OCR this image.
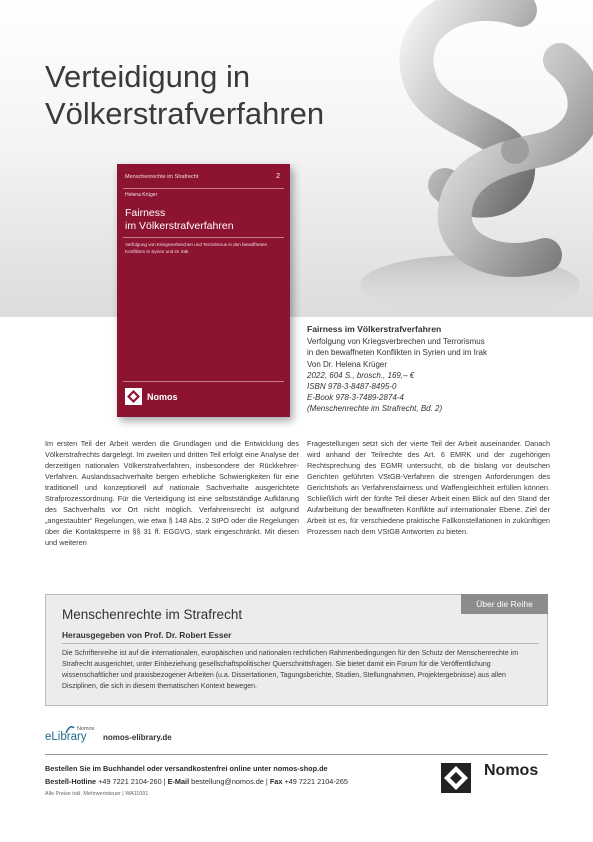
Verteidigung in
Völkerstrafverfahren
Menschenrechte im Strafrecht	2
Helena Krüger
Fairness
im Völkerstrafverfahren
Verfolgung von Kriegsverbrechen und Terrorismus in den bewaffneten Konflikten in Syrien und im Irak
Nomos
Fairness im Völkerstrafverfahren
Verfolgung von Kriegsverbrechen und Terrorismus
in den bewaffneten Konflikten in Syrien und im Irak
Von Dr. Helena Krüger
2022, 604 S., brosch., 169,– €
ISBN 978-3-8487-8495-0
E-Book 978-3-7489-2874-4
(Menschenrechte im Strafrecht, Bd. 2)

Im ersten Teil der Arbeit werden die Grundlagen und die Entwicklung des Völkerstrafrechts dargelegt. Im zweiten und dritten Teil erfolgt eine Analyse der derzeitigen nationalen Völkerstrafverfahren, insbesondere der Rückkehrer-Verfahren. Auslandssachverhalte bergen erhebliche Schwierigkeiten für eine traditionell und konzeptionell auf nationale Sachverhalte ausgerichtete Strafprozessordnung. Für die Verteidigung ist eine selbstständige Aufklärung des Sachverhalts vor Ort nicht möglich. Verfahrensrecht ist aufgrund „angestaubter“ Regelungen, wie etwa § 148 Abs. 2 StPO oder die Regelungen über die Kontaktsperre in §§ 31 ff. EGGVG, stark eingeschränkt. Mit diesen und weiteren

Fragestellungen setzt sich der vierte Teil der Arbeit auseinander. Danach wird anhand der Teilrechte des Art. 6 EMRK und der zugehörigen Rechtsprechung des EGMR untersucht, ob die bislang vor deutschen Gerichten geführten VStGB-Verfahren die strengen Anforderungen des Gerichtshofs an Verfahrensfairness und Waffengleichheit erfüllen können. Schließlich wirft der fünfte Teil dieser Arbeit einen Blick auf den Stand der Aufarbeitung der bewaffneten Konflikte auf internationaler Ebene. Ziel der Arbeit ist es, für verschiedene praktische Fallkonstellationen in zukünftigen Prozessen nach dem VStGB Antworten zu bieten.

Über die Reihe
Menschenrechte im Strafrecht
Herausgegeben von Prof. Dr. Robert Esser

Die Schriftenreihe ist auf die internationalen, europäischen und nationalen rechtlichen Rahmenbedingungen für den Schutz der Menschenrechte im Strafrecht ausgerichtet, unter Einbeziehung gesellschaftspolitischer Querschnittsfragen. Sie bietet damit ein Forum für die Veröffentlichung wissenschaftlicher und praxisbezogener Arbeiten (u.a. Dissertationen, Tagungsberichte, Studien, Stellungnahmen, Projektergebnisse) aus allen Disziplinen, die sich in diesem thematischen Kontext bewegen.

Nomos
eLibrary nomos-elibrary.de
Bestellen Sie im Buchhandel oder versandkostenfrei online unter nomos-shop.de
Bestell-Hotline +49 7221 2104-260 | E-Mail bestellung@nomos.de | Fax +49 7221 2104-265
Alle Preise inkl. Mehrwertsteuer | WA11091
Nomos
